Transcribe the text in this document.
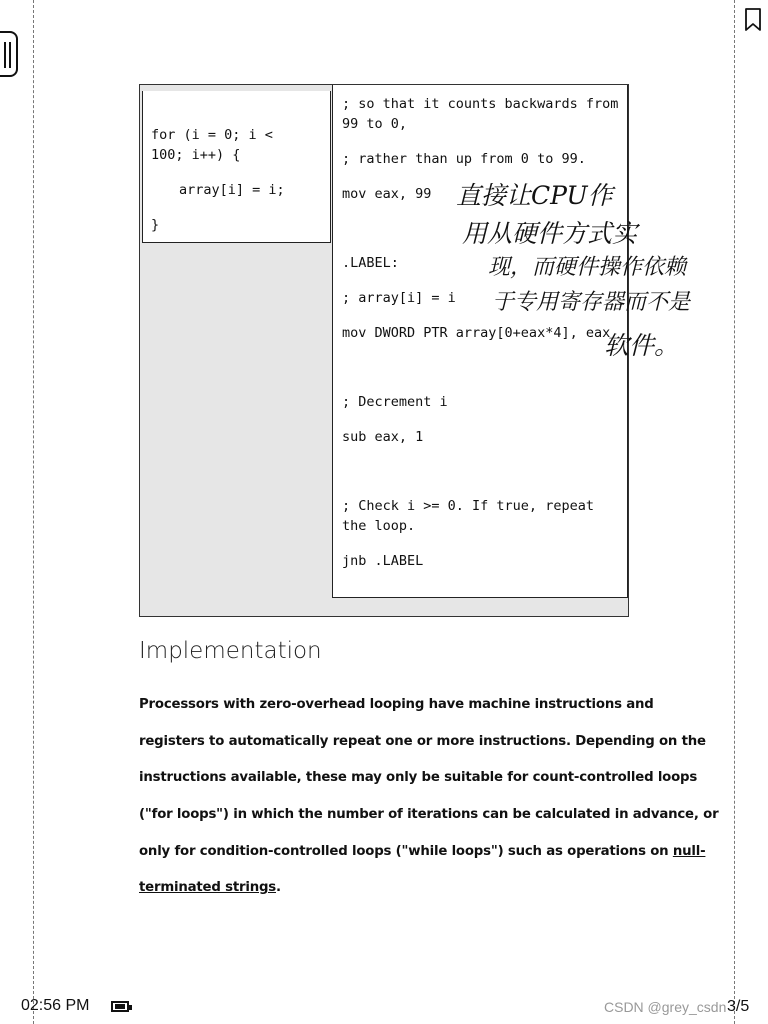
for (i = 0; i <
100; i++) {
array[i] = i;
}
; so that it counts backwards from 99 to 0,
; rather than up from 0 to 99.
mov eax, 99
.LABEL:
; array[i] = i
mov DWORD PTR array[0+eax*4], eax
; Decrement i
sub eax, 1
; Check i >= 0. If true, repeat the loop.
jnb .LABEL
直接让CPU作
用从硬件方式实
现，而硬件操作依赖
于专用寄存器而不是
软件。
Implementation
Processors with zero-overhead looping have machine instructions and
registers to automatically repeat one or more instructions. Depending on the
instructions available, these may only be suitable for count-controlled loops
("for loops") in which the number of iterations can be calculated in advance, or
only for condition-controlled loops ("while loops") such as operations on null-
terminated strings.
02:56 PM	CSDN @grey_csdn 3/5
